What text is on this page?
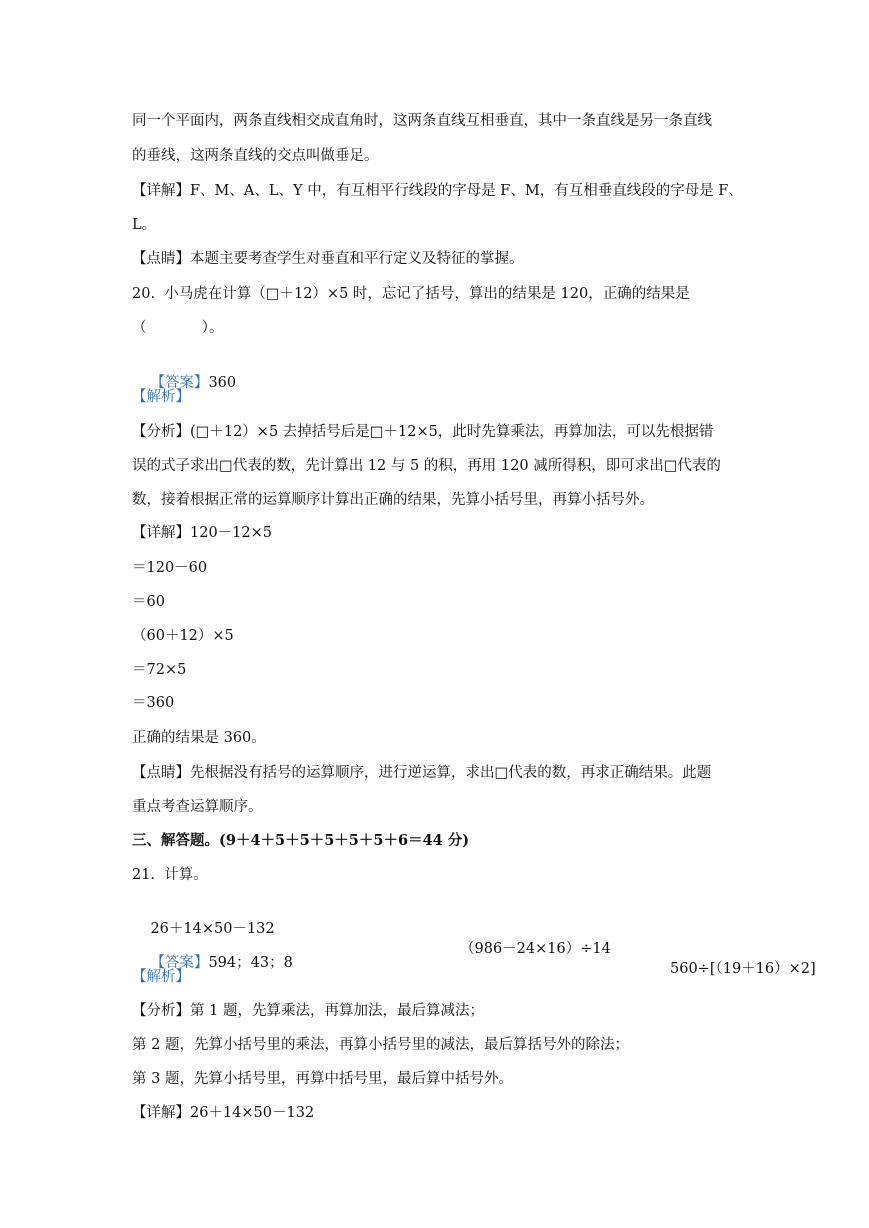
同一个平面内，两条直线相交成直角时，这两条直线互相垂直，其中一条直线是另一条直线
的垂线，这两条直线的交点叫做垂足。
【详解】F、M、A、L、Y 中，有互相平行线段的字母是 F、M，有互相垂直线段的字母是 F、
L。
【点睛】本题主要考查学生对垂直和平行定义及特征的掌握。
20.  小马虎在计算（□＋12）×5 时，忘记了括号，算出的结果是 120，正确的结果是
（            ）。

【答案】360

【解析】
【分析】(□＋12）×5 去掉括号后是□＋12×5，此时先算乘法，再算加法，可以先根据错
误的式子求出□代表的数，先计算出 12 与 5 的积，再用 120 减所得积，即可求出□代表的
数，接着根据正常的运算顺序计算出正确的结果，先算小括号里，再算小括号外。
【详解】120－12×5
＝120－60
＝60
（60＋12）×5
＝72×5
＝360
正确的结果是 360。
【点睛】先根据没有括号的运算顺序，进行逆运算，求出□代表的数，再求正确结果。此题
重点考查运算顺序。
三、解答题。(9＋4＋5＋5＋5＋5＋5＋6＝44 分)
21.  计算。

26＋14×50－132

（986－24×16）÷14

560÷[（19＋16）×2]

【答案】594；43；8

【解析】
【分析】第 1 题，先算乘法，再算加法，最后算减法；
第 2 题，先算小括号里的乘法，再算小括号里的减法，最后算括号外的除法；
第 3 题，先算小括号里，再算中括号里，最后算中括号外。
【详解】26＋14×50－132
